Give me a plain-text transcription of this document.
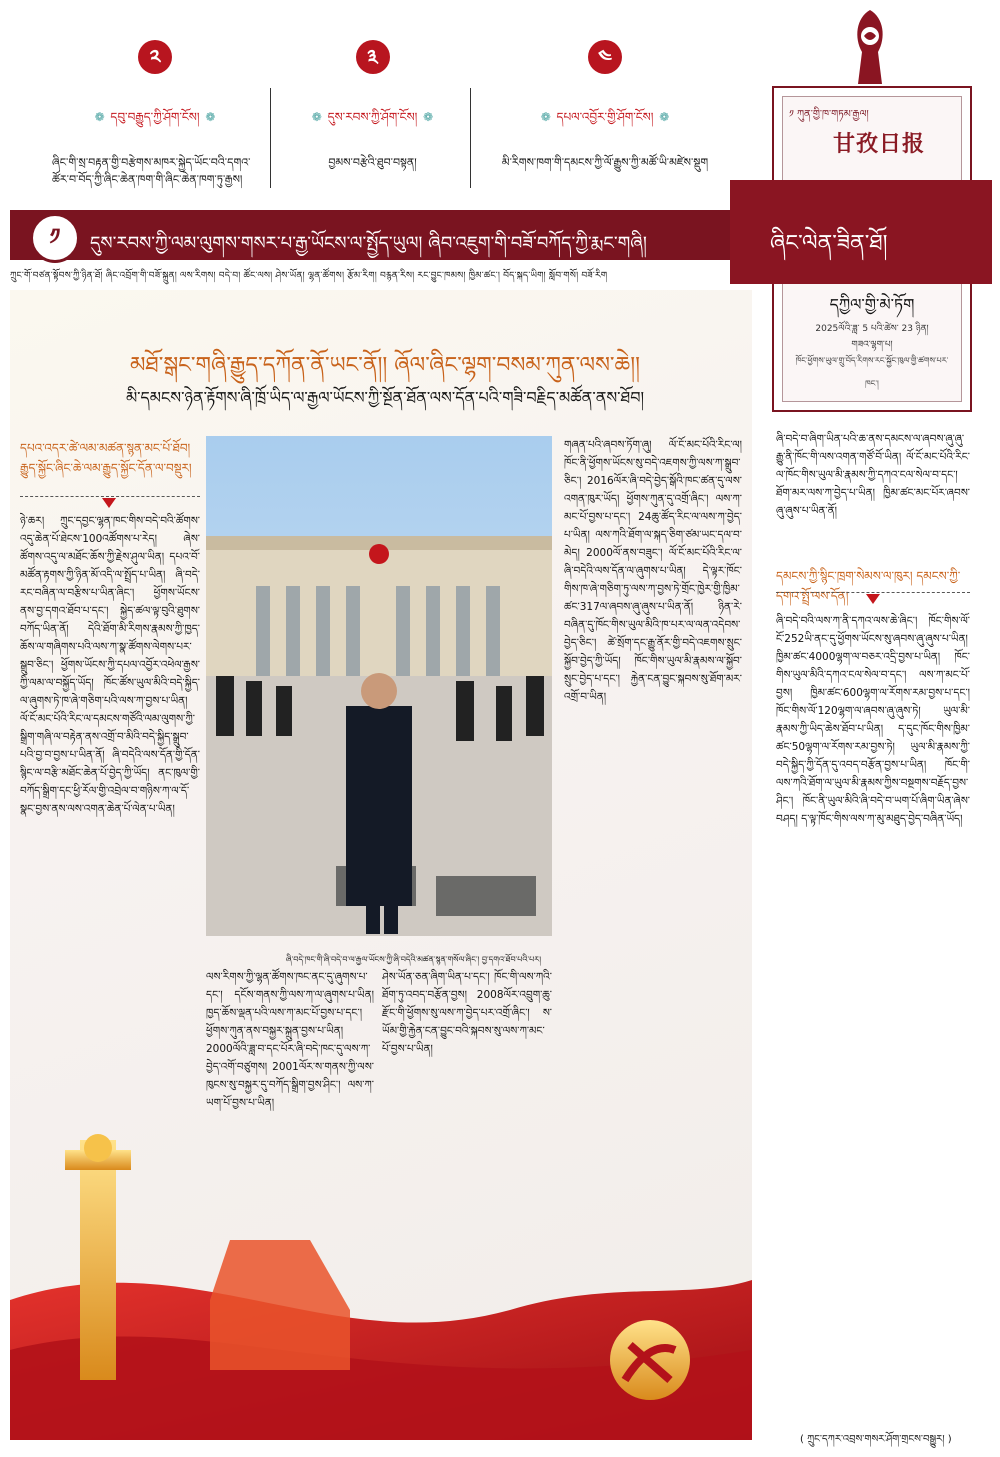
༢
❁ དབུ་བརྒྱུད་ཀྱི་ཤོག་ངོས། ❁
ཞིང་གི་སྲ་བརྟན་གྱི་བརྩེགས་མཁར་སྐྱེད་ཡོང་བའི་དགའ་ཚོར་བ་བོད་ཀྱི་ཞིང་ཆེན་ཁག་གི་ཞིང་ཆེན་ཁག་ཏུ་རྒྱས།
༣
❁ དུས་རབས་ཀྱི་ཤོག་ངོས། ❁
བྱམས་བརྩེའི་ཐུབ་བསྟན།
༤
❁ དཔལ་འབྱོར་གྱི་ཤོག་ངོས། ❁
མི་རིགས་ཁག་གི་དམངས་ཀྱི་ལོ་རྒྱུས་ཀྱི་མཚོ་ཡི་མཛེས་སྡུག
༡ ཀུན་གྱི་ཁ་གཏམ་རྒྱལ།
甘孜日报
དཀྱིལ་གྱི་མེ་ཏོག
2025ལོའི་ཟླ་ 5 པའི་ཚེས་ 23 ཉིན།
གཟའ་ལྷག་པ།
ཁོང་ཕྱོགས་ཡུལ་གྲུ་བོད་རིགས་རང་སྐྱོང་ཁུལ་གྱི་ཚགས་པར་ཁང་།
དུས་རབས་ཀྱི་ལམ་ལུགས་གསར་པ་རྒྱ་ཡོངས་ལ་སྤྱོད་ཡུལ། ཞིབ་འཇུག་གི་བཟོ་བཀོད་ཀྱི་རྨང་གཞི།	ཞིང་ལེན་ཟིན་ཐོ།
༡
ཀྲུང་གོ་བཙན་སྟོབས་ཀྱི་ཉིན་ཐོ། ཞིང་འབྲོག་གི་བཟོ་སྐྲུན། ལས་རིགས། བདེ་བ། ཚོང་ལས། ཤེས་ཡོན། ལྷན་ཚོགས། རྩོམ་རིག། བརྙན་རིས། རང་བྱུང་ཁམས། ཁྱིམ་ཚང་། བོད་སྐད་ཡིག། སློབ་གསོ། བཟོ་རིག
མཐོ་སྒང་གཞི་རྒྱུད་དཀོན་ནོ་ཡང་ནོ།། ཞོལ་ཞིང་ལྷག་བསམ་ཀུན་ལས་ཆེ།།
མི་དམངས་ཉེན་རྟོགས་ཞི་ཁྲོ་ཡིད་ལ་རྒྱལ་ཡོངས་ཀྱི་སྔོན་ཐོན་ལས་དོན་པའི་གཟི་བརྗིད་མཚོན་ནས་ཐོབ།
དཔའ་འདར་ཚེ་ལམ་མཚན་སྙན་མང་པོ་ཐོབ། རྒྱུད་སྐྱོང་ཞིང་ཆེ་ལམ་རྒྱུད་སྐྱོང་དོན་ལ་བསྡུར།
ཉེ་ཆར། ཀྲུང་དབྱང་ལྷན་ཁང་གིས་བདེ་བའི་ཚོགས་འདུ་ཆེན་པོ་ཐེངས་100འཚོགས་པ་རེད། ཞེས་ཚོགས་འདུ་ལ་མཐོང་ཆོས་ཀྱི་རྗེས་ཤུལ་ཡིན། དཔའ་བོ་མཚོན་རྟགས་ཀྱི་ཉིན་མོ་འདི་ལ་སྤྲོད་པ་ཡིན། ཞི་བདེ་རང་བཞིན་ལ་བརྩིས་པ་ཡིན་ཞིང་། ཕྱོགས་ཡོངས་ནས་བྱ་དགའ་ཐོབ་པ་དང་། སྐྱེད་ཚལ་ལྟ་བུའི་ཐུགས་བཀོད་ཡིན་ནོ། དེའི་ཐོག་མི་རིགས་རྣམས་ཀྱི་ཁྱད་ཆོས་ལ་གཞིགས་པའི་ལས་ཀ་སྣ་ཚོགས་ལེགས་པར་སྒྲུབ་ཅིང་། ཕྱོགས་ཡོངས་ཀྱི་དཔལ་འབྱོར་འཕེལ་རྒྱས་ཀྱི་ལམ་ལ་བསྐྱོད་ཡོད། ཁོང་ཚོས་ཡུལ་མིའི་བདེ་སྐྱིད་ལ་ཞུགས་ཏེ་ཁ་ཞེ་གཅིག་པའི་ལས་ཀ་བྱས་པ་ཡིན། ལོ་ངོ་མང་པོའི་རིང་ལ་དམངས་གཙོའི་ལམ་ལུགས་ཀྱི་སྒྲིག་གཞི་ལ་བརྟེན་ནས་འགྲོ་བ་མིའི་བདེ་སྐྱིད་སྒྲུབ་པའི་བྱ་བ་བྱས་པ་ཡིན་ནོ། ཞི་བདེའི་ལས་དོན་གྱི་དོན་སྙིང་ལ་བརྩི་མཐོང་ཆེན་པོ་བྱེད་ཀྱི་ཡོད། ནང་ཁུལ་གྱི་བཀོད་སྒྲིག་དང་ཕྱི་རོལ་གྱི་འབྲེལ་བ་གཉིས་ཀ་ལ་དོ་སྣང་བྱས་ནས་ལས་འགན་ཆེན་པོ་ལེན་པ་ཡིན།
ཞི་བདེ་ཁང་གི་ཞི་བདེ་བ་ལ་རྒྱལ་ཡོངས་ཀྱི་ཞི་བདེའི་མཚན་སྙན་གསོལ་ཞིང་། བྱ་དགའ་ཐོབ་པའི་པར།
ལས་རིགས་ཀྱི་ལྷན་ཚོགས་ཁང་ནང་དུ་ཞུགས་པ་དང་། དངོས་གནས་ཀྱི་ལས་ཀ་ལ་ཞུགས་པ་ཡིན། ཁྱད་ཆོས་ལྡན་པའི་ལས་ཀ་མང་པོ་བྱས་པ་དང་། ཕྱོགས་ཀུན་ནས་བསྐྱར་སྐྲུན་བྱས་པ་ཡིན། 2000ལོའི་ཟླ་བ་དང་པོར་ཞི་བདེ་ཁང་དུ་ལས་ཀ་བྱེད་འགོ་བཙུགས། 2001ལོར་ས་གནས་ཀྱི་ལས་ཁུངས་སུ་བསྐྱར་དུ་བཀོད་སྒྲིག་བྱས་ཤིང་། ལས་ཀ་ཡག་པོ་བྱས་པ་ཡིན།
ཤེས་ཡོན་ཅན་ཞིག་ཡིན་པ་དང་། ཁོང་གི་ལས་ཀའི་ཐོག་ཏུ་འབད་བརྩོན་བྱས། 2008ལོར་འབྲུག་ཆུ་རྫོང་གི་ཕྱོགས་སུ་ལས་ཀ་བྱེད་པར་འགྲོ་ཞིང་། ས་ཡོམ་གྱི་རྐྱེན་ངན་བྱུང་བའི་སྐབས་སུ་ལས་ཀ་མང་པོ་བྱས་པ་ཡིན།
གཞན་པའི་ཞབས་ཏོག་ཞུ། ལོ་ངོ་མང་པོའི་རིང་ལ། ཁོང་ནི་ཕྱོགས་ཡོངས་སུ་བདེ་འཇགས་ཀྱི་ལས་ཀ་སྒྲུབ་ཅིང་། 2016ལོར་ཞི་བདེ་བྱེད་སྒོའི་ཁང་ཚན་དུ་ལས་འགན་ཁུར་ཡོད། ཕྱོགས་ཀུན་དུ་འགྲོ་ཞིང་། ལས་ཀ་མང་པོ་བྱས་པ་དང་། 24ཆུ་ཚོད་རིང་ལ་ལས་ཀ་བྱེད་པ་ཡིན། ལས་ཀའི་ཐོག་ལ་སྐད་ཅིག་ཙམ་ཡང་དལ་བ་མེད། 2000ལོ་ནས་བཟུང་། ལོ་ངོ་མང་པོའི་རིང་ལ་ཞི་བདེའི་ལས་དོན་ལ་ཞུགས་པ་ཡིན། དེ་ལྟར་ཁོང་གིས་ཁ་ཞེ་གཅིག་ཏུ་ལས་ཀ་བྱས་ཏེ་གྲོང་ཁྱེར་གྱི་ཁྱིམ་ཚང་317ལ་ཞབས་ཞུ་ཞུས་པ་ཡིན་ནོ། ཉིན་རེ་བཞིན་དུ་ཁོང་གིས་ཡུལ་མིའི་ཁ་པར་ལ་ལན་འདེབས་བྱེད་ཅིང་། ཚེ་སྲོག་དང་རྒྱུ་ནོར་གྱི་བདེ་འཇགས་སྲུང་སྐྱོབ་བྱེད་ཀྱི་ཡོད། ཁོང་གིས་ཡུལ་མི་རྣམས་ལ་སྐྱོབ་སྲུང་བྱེད་པ་དང་། རྐྱེན་ངན་བྱུང་སྐབས་སུ་ཐོག་མར་འགྲོ་བ་ཡིན།
ཞི་བདེ་བ་ཞིག་ཡིན་པའི་ཆ་ནས་དམངས་ལ་ཞབས་ཞུ་ཞུ་རྒྱུ་ནི་ཁོང་གི་ལས་འགན་གཙོ་བོ་ཡིན། ལོ་ངོ་མང་པོའི་རིང་ལ་ཁོང་གིས་ཡུལ་མི་རྣམས་ཀྱི་དཀའ་ངལ་སེལ་བ་དང་། ཐོག་མར་ལས་ཀ་བྱེད་པ་ཡིན། ཁྱིམ་ཚང་མང་པོར་ཞབས་ཞུ་ཞུས་པ་ཡིན་ནོ།
དམངས་ཀྱི་སྙིང་ཁྲག་སེམས་ལ་ཁུར། དམངས་ཀྱི་དགའ་སྤྲོ་ལས་དོན།
ཞི་བདེ་བའི་ལས་ཀ་ནི་དཀའ་ལས་ཆེ་ཞིང་། ཁོང་གིས་ལོ་ངོ་252ཡི་ནང་དུ་ཕྱོགས་ཡོངས་སུ་ཞབས་ཞུ་ཞུས་པ་ཡིན། ཁྱིམ་ཚང་4000ལྷག་ལ་བཅར་འདྲི་བྱས་པ་ཡིན། ཁོང་གིས་ཡུལ་མིའི་དཀའ་ངལ་སེལ་བ་དང་། ལས་ཀ་མང་པོ་བྱས། ཁྱིམ་ཚང་600ལྷག་ལ་རོགས་རམ་བྱས་པ་དང་། ཁོང་གིས་ལོ་120ལྷག་ལ་ཞབས་ཞུ་ཞུས་ཏེ། ཡུལ་མི་རྣམས་ཀྱི་ཡིད་ཆེས་ཐོབ་པ་ཡིན། ད་དུང་ཁོང་གིས་ཁྱིམ་ཚང་50ལྷག་ལ་རོགས་རམ་བྱས་ཏེ། ཡུལ་མི་རྣམས་ཀྱི་བདེ་སྐྱིད་ཀྱི་དོན་དུ་འབད་བརྩོན་བྱས་པ་ཡིན། ཁོང་གི་ལས་ཀའི་ཐོག་ལ་ཡུལ་མི་རྣམས་ཀྱིས་བསྔགས་བརྗོད་བྱས་ཤིང་། ཁོང་ནི་ཡུལ་མིའི་ཞི་བདེ་བ་ཡག་པོ་ཞིག་ཡིན་ཞེས་བཤད། ད་ལྟ་ཁོང་གིས་ལས་ཀ་མུ་མཐུད་བྱེད་བཞིན་ཡོད།
( ཀྲུང་དཀར་འབྲས་གསར་ཤོག་གྲངས་བསྒྱུར། )
